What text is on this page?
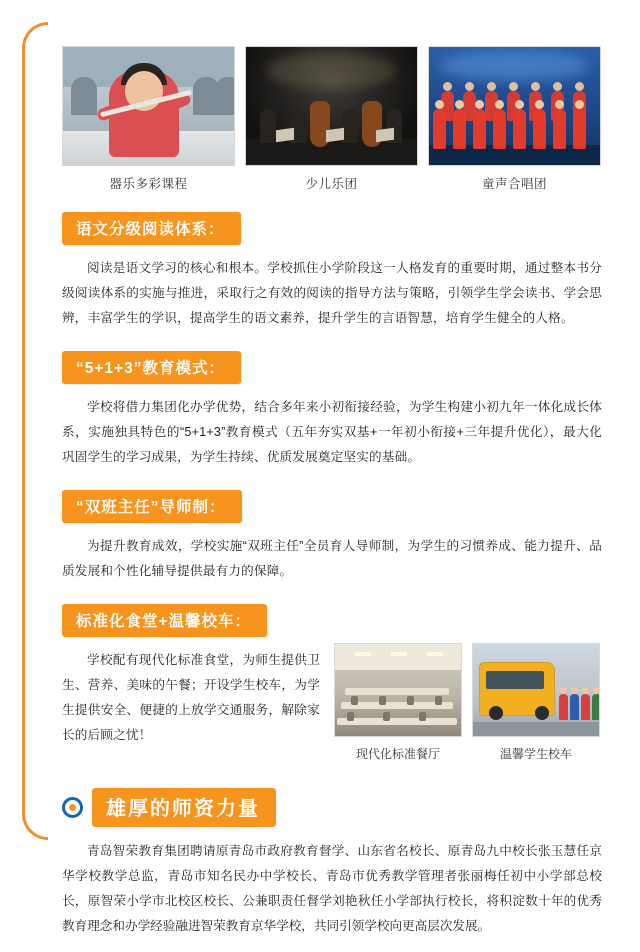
器乐多彩课程	少儿乐团	童声合唱团
语文分级阅读体系：

阅读是语文学习的核心和根本。学校抓住小学阶段这一人格发育的重要时期，通过整本书分级阅读体系的实施与推进，采取行之有效的阅读的指导方法与策略，引领学生学会读书、学会思辨，丰富学生的学识，提高学生的语文素养，提升学生的言语智慧，培育学生健全的人格。

“5+1+3”教育模式：

学校将借力集团化办学优势，结合多年来小初衔接经验，为学生构建小初九年一体化成长体系，实施独具特色的“5+1+3”教育模式（五年夯实双基+一年初小衔接+三年提升优化），最大化巩固学生的学习成果，为学生持续、优质发展奠定坚实的基础。

“双班主任”导师制：

为提升教育成效，学校实施“双班主任”全员育人导师制，为学生的习惯养成、能力提升、品质发展和个性化辅导提供最有力的保障。

标准化食堂+温馨校车：

学校配有现代化标准食堂，为师生提供卫生、营养、美味的午餐；开设学生校车，为学生提供安全、便捷的上放学交通服务，解除家长的后顾之忧！

现代化标准餐厅	温馨学生校车
雄厚的师资力量

青岛智荣教育集团聘请原青岛市政府教育督学、山东省名校长、原青岛九中校长张玉慧任京华学校教学总监，青岛市知名民办中学校长、青岛市优秀教学管理者张丽梅任初中小学部总校长，原智荣小学市北校区校长、公兼职责任督学刘艳秋任小学部执行校长，将积淀数十年的优秀教育理念和办学经验融进智荣教育京华学校，共同引领学校向更高层次发展。
